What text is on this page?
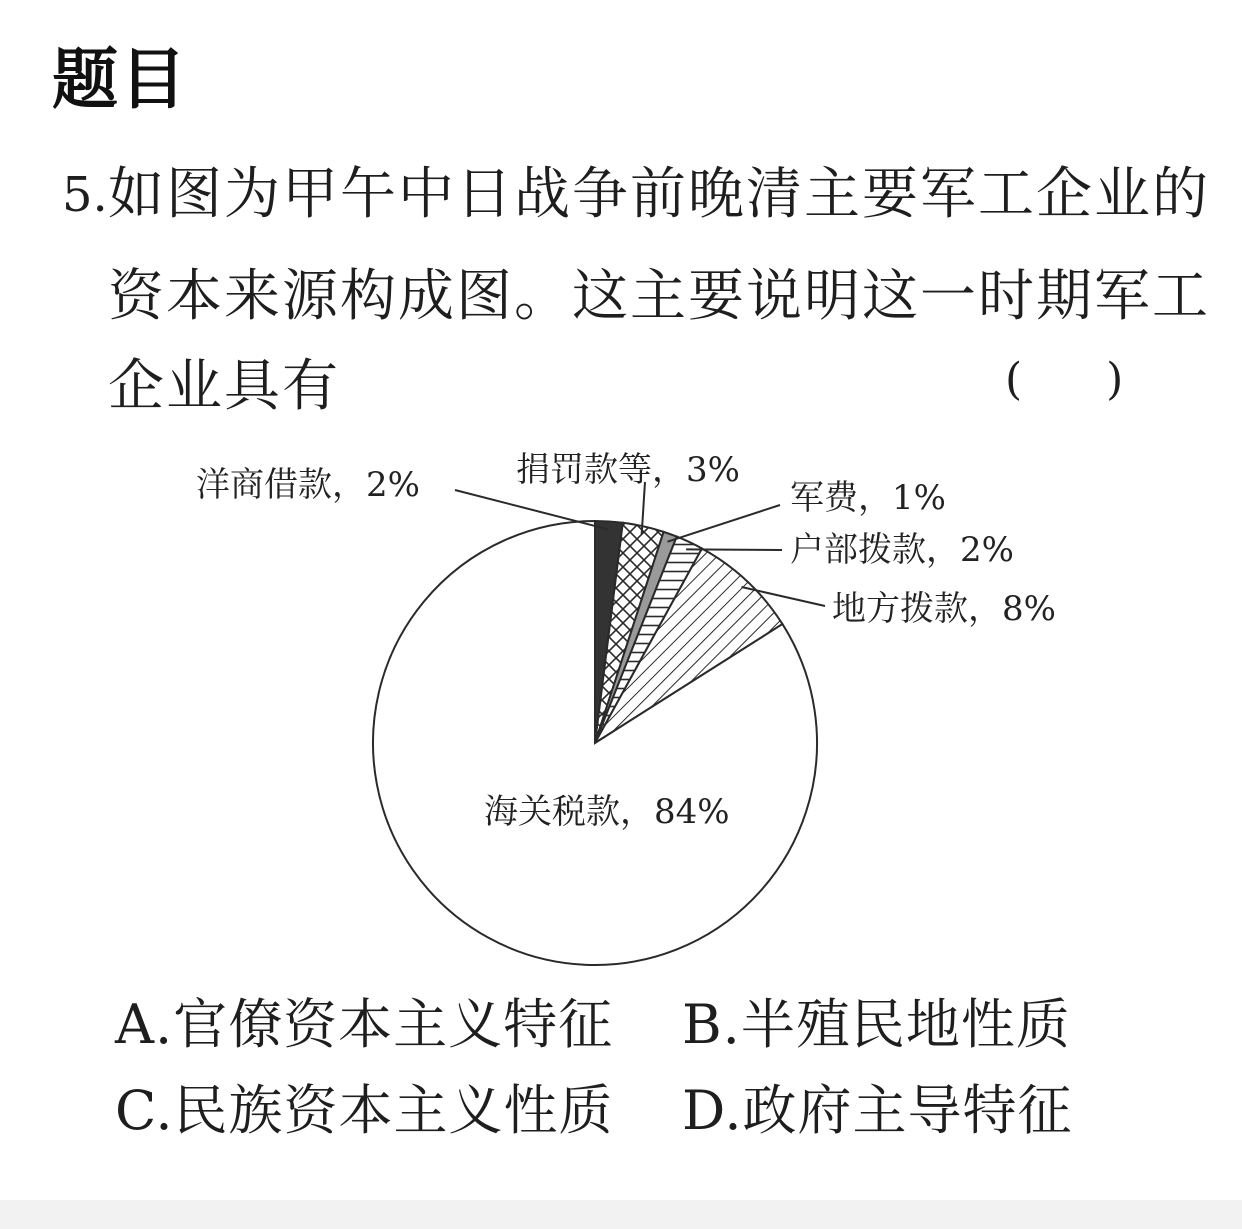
题目
5. 如图为甲午中日战争前晚清主要军工企业的
资本来源构成图。这主要说明这一时期军工
企业具有	(      )
洋商借款，2%	捐罚款等，3%
军费，1%
户部拨款，2%
地方拨款，8%
海关税款，84%
A.官僚资本主义特征 B.半殖民地性质
C.民族资本主义性质 D.政府主导特征
